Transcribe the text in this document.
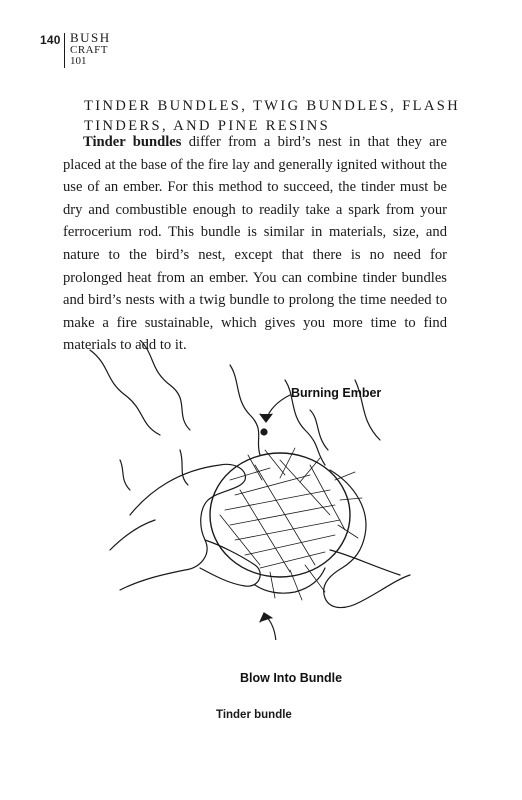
140 BUSH
CRAFT
101
TINDER BUNDLES, TWIG BUNDLES, FLASH
TINDERS, AND PINE RESINS

Tinder bundles differ from a bird’s nest in that they are placed at the base of the fire lay and generally ignited without the use of an ember. For this method to succeed, the tinder must be dry and combustible enough to readily take a spark from your ferrocerium rod. This bundle is similar in materials, size, and nature to the bird’s nest, except that there is no need for prolonged heat from an ember. You can combine tinder bundles and bird’s nests with a twig bundle to prolong the time needed to make a fire sustainable, which gives you more time to find materials to add to it.

Burning Ember
Blow Into Bundle
Tinder bundle
